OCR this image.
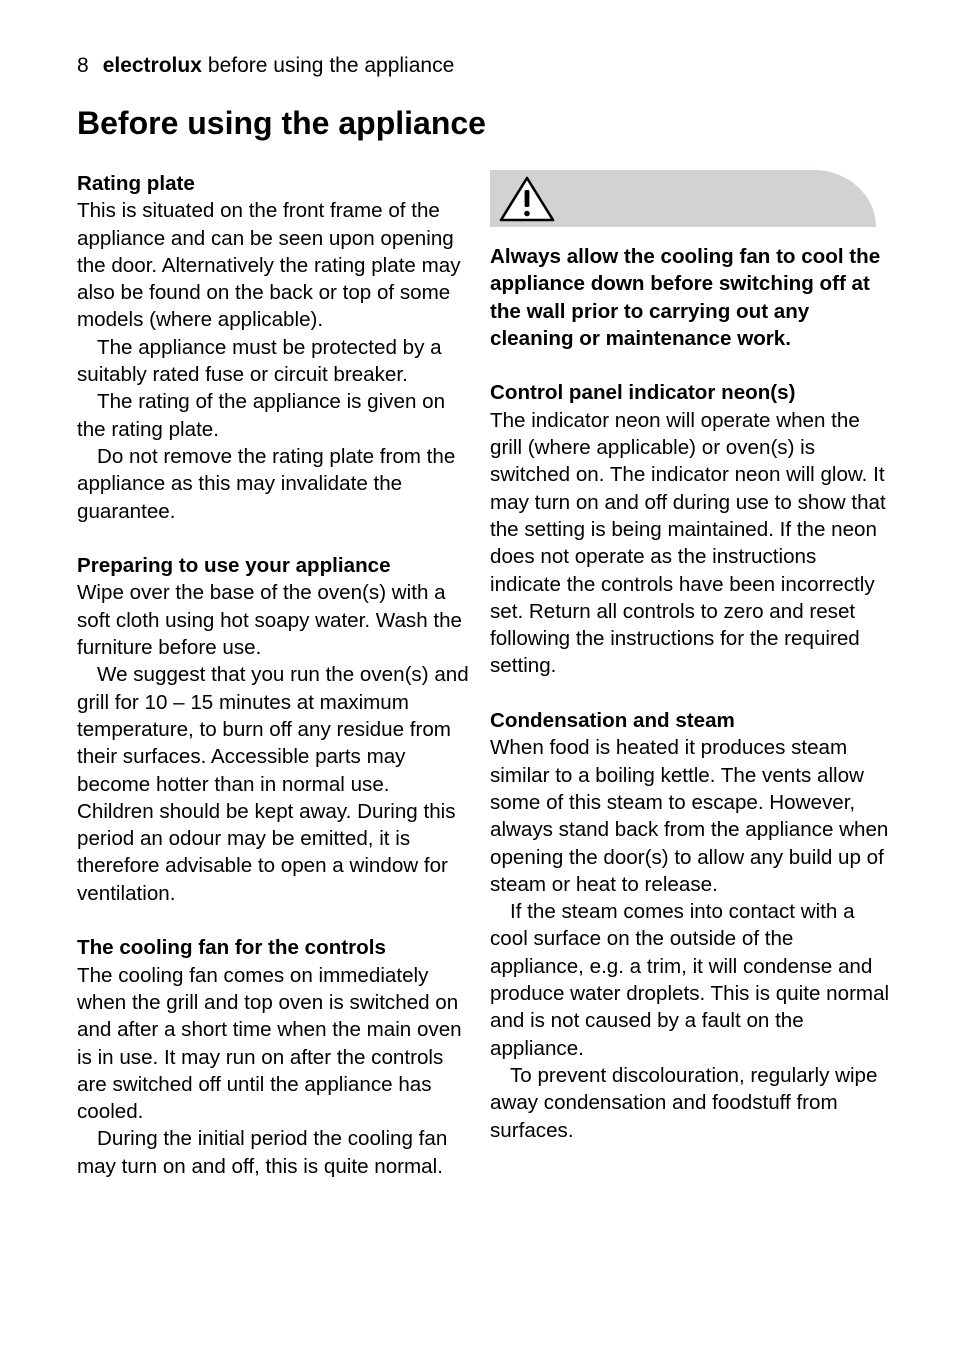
8 electrolux before using the appliance
Before using the appliance
Rating plate

This is situated on the front frame of the appliance and can be seen upon opening the door. Alternatively the rating plate may also be found on the back or top of some models (where applicable).

The appliance must be protected by a suitably rated fuse or circuit breaker.

The rating of the appliance is given on the rating plate.

Do not remove the rating plate from the appliance as this may invalidate the guarantee.

Preparing to use your appliance

Wipe over the base of the oven(s) with a soft cloth using hot soapy water. Wash the furniture before use.

We suggest that you run the oven(s) and grill for 10 – 15 minutes at maximum temperature, to burn off any residue from their surfaces. Accessible parts may become hotter than in normal use. Children should be kept away. During this period an odour may be emitted, it is therefore advisable to open a window for ventilation.

The cooling fan for the controls

The cooling fan comes on immediately when the grill and top oven is switched on and after a short time when the main oven is in use. It may run on after the controls are switched off until the appliance has cooled.

During the initial period the cooling fan may turn on and off, this is quite normal.

Always allow the cooling fan to cool the appliance down before switching off at the wall prior to carrying out any cleaning or maintenance work.

Control panel indicator neon(s)

The indicator neon will operate when the grill (where applicable) or oven(s) is switched on. The indicator neon will glow. It may turn on and off during use to show that the setting is being maintained. If the neon does not operate as the instructions indicate the controls have been incorrectly set. Return all controls to zero and reset following the instructions for the required setting.

Condensation and steam

When food is heated it produces steam similar to a boiling kettle. The vents allow some of this steam to escape. However, always stand back from the appliance when opening the door(s) to allow any build up of steam or heat to release.

If the steam comes into contact with a cool surface on the outside of the appliance, e.g. a trim, it will condense and produce water droplets. This is quite normal and is not caused by a fault on the appliance.

To prevent discolouration, regularly wipe away condensation and foodstuff from surfaces.
